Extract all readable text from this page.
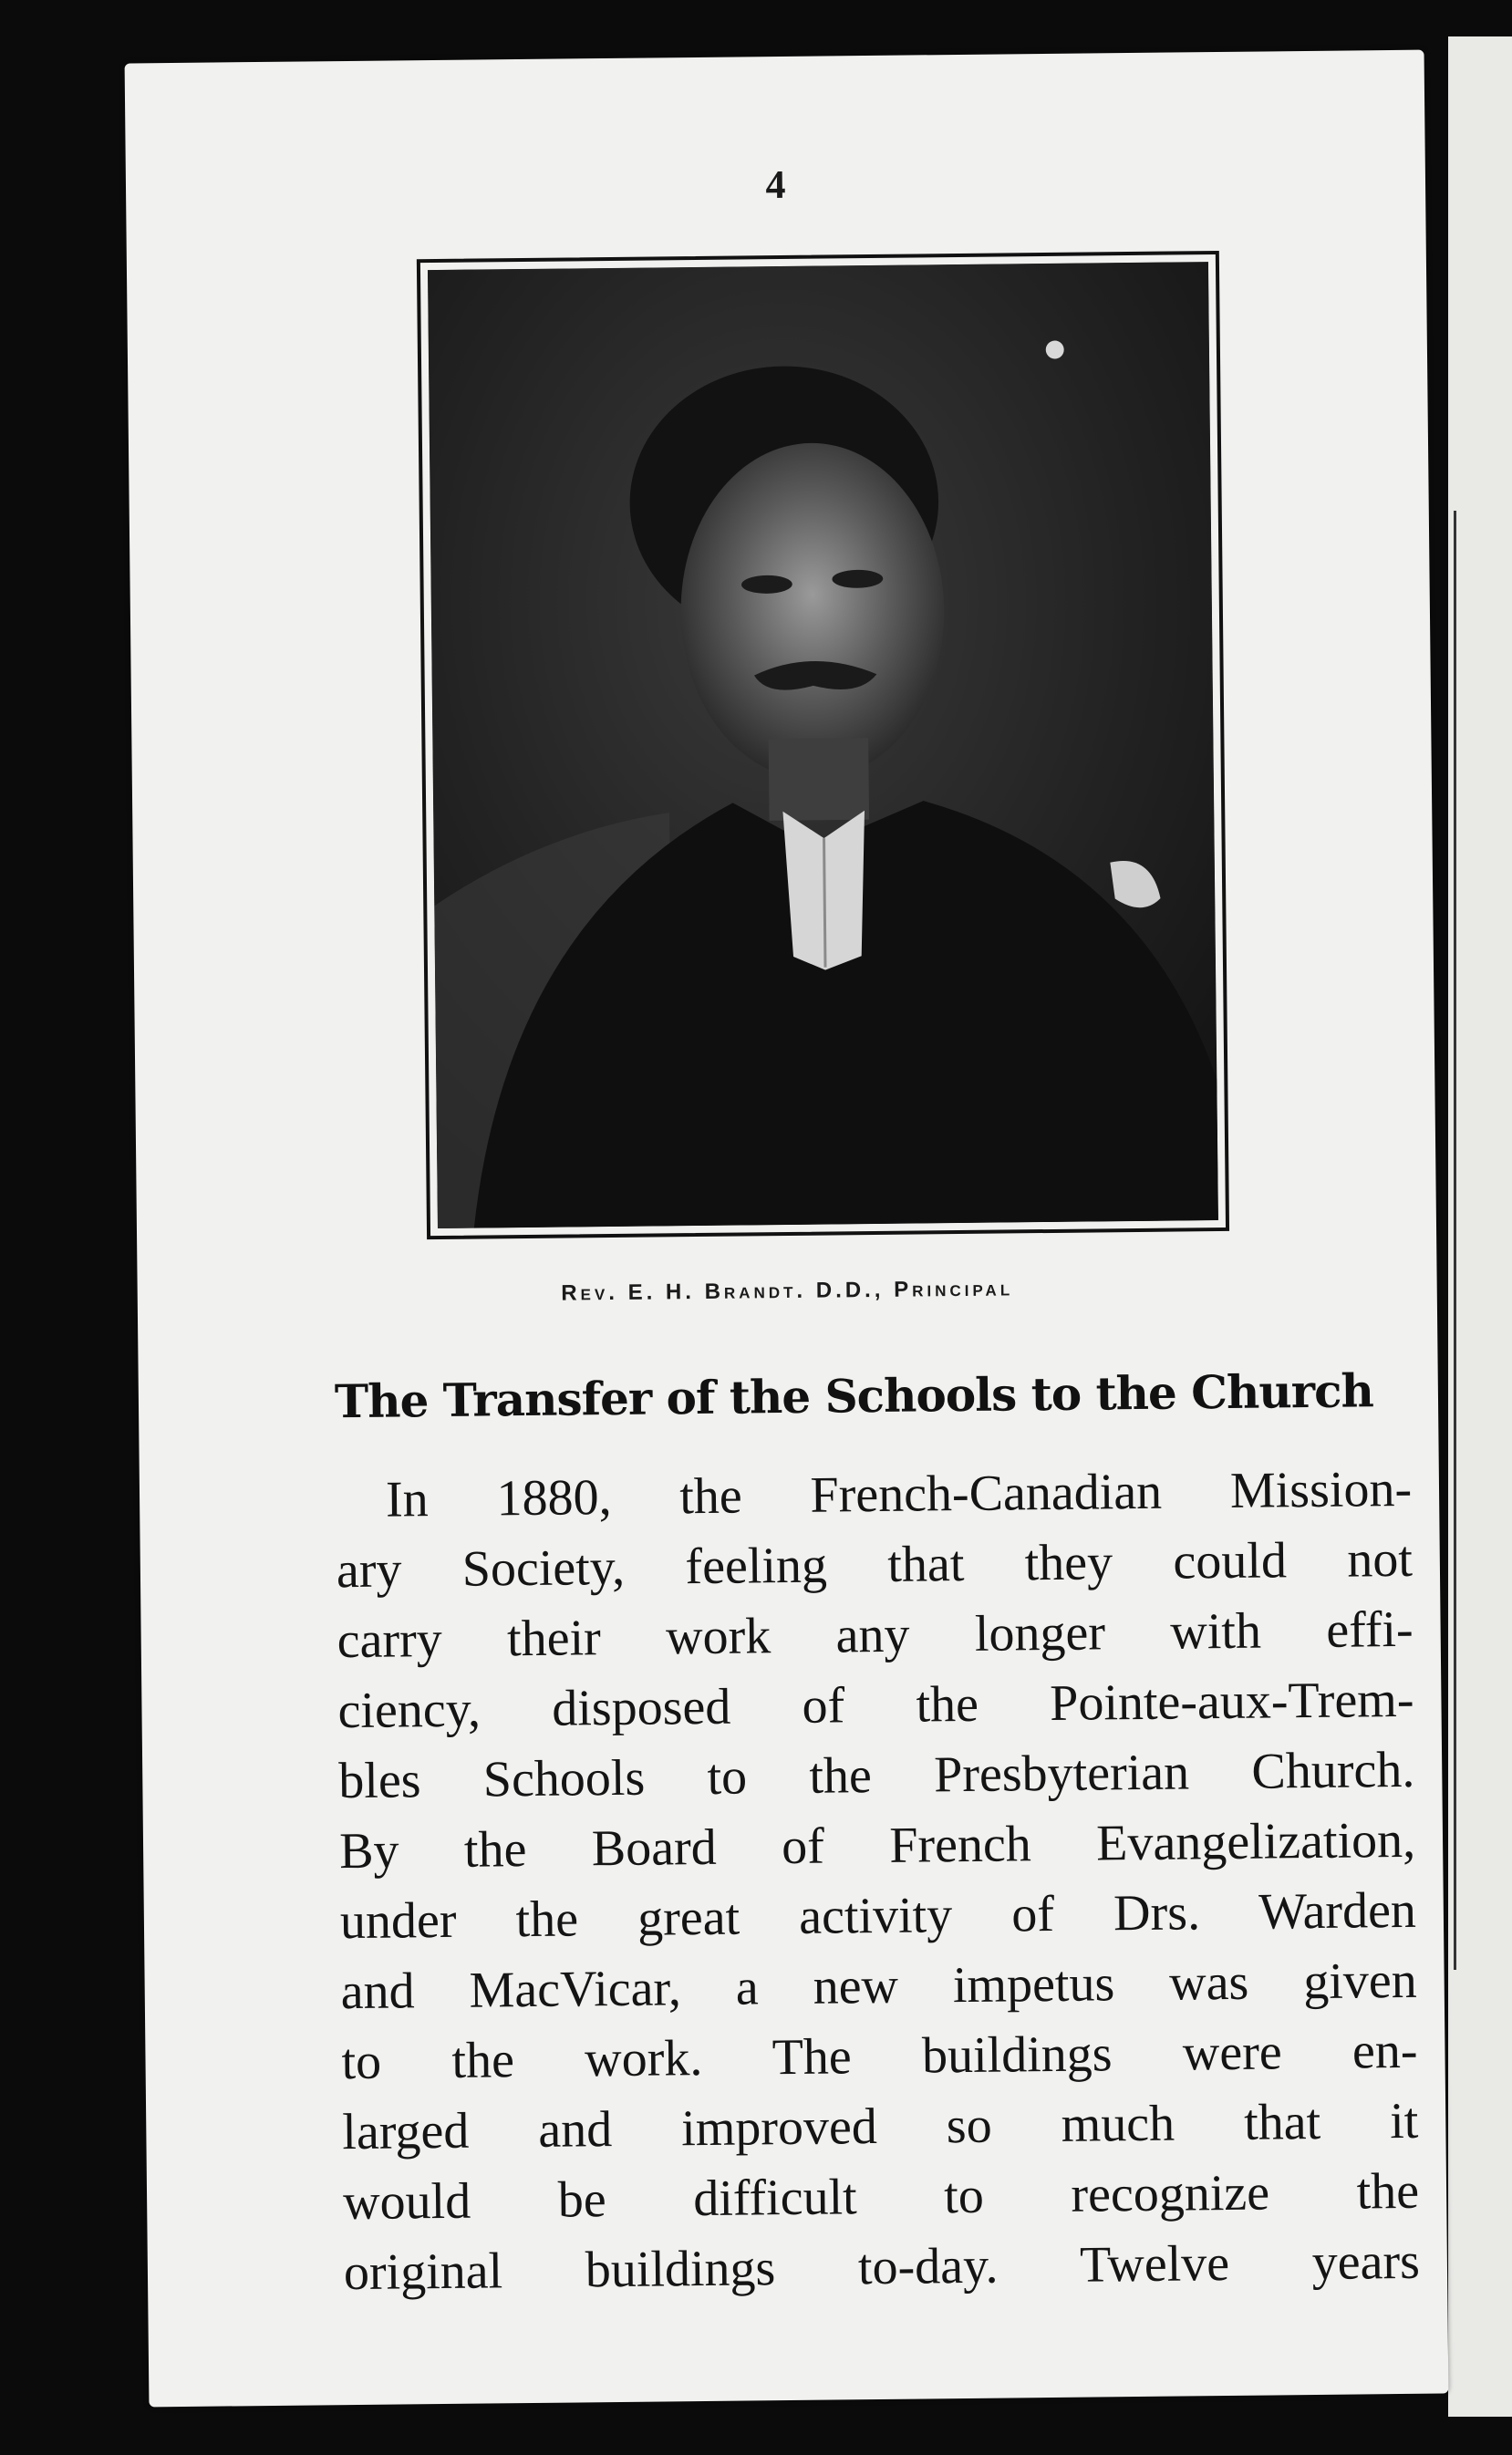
4
Rev. E. H. Brandt. D.D., Principal
The Transfer of the Schools to the Church
In 1880, the French-Canadian Mission-
ary Society, feeling that they could not
carry their work any longer with effi-
ciency, disposed of the Pointe-aux-Trem-
bles Schools to the Presbyterian Church.
By the Board of French Evangelization,
under the great activity of Drs. Warden
and MacVicar, a new impetus was given
to the work. The buildings were en-
larged and improved so much that it
would be difficult to recognize the
original buildings to-day. Twelve years
